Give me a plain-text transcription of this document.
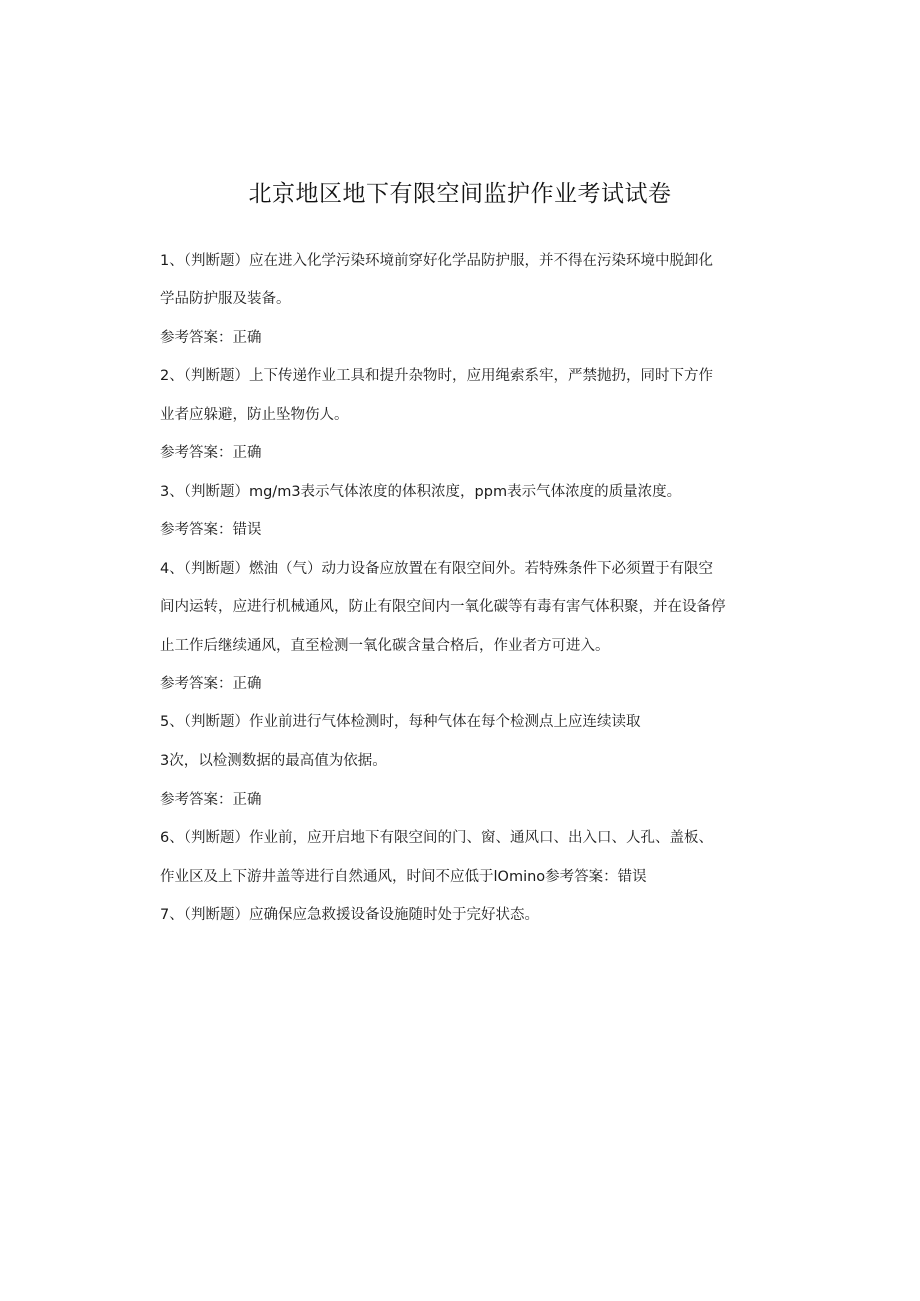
北京地区地下有限空间监护作业考试试卷
1、（判断题）应在进入化学污染环境前穿好化学品防护服，并不得在污染环境中脱卸化
学品防护服及装备。
参考答案：正确
2、（判断题）上下传递作业工具和提升杂物时，应用绳索系牢，严禁抛扔，同时下方作
业者应躲避，防止坠物伤人。
参考答案：正确
3、（判断题）mg∕m3表示气体浓度的体积浓度，ppm表示气体浓度的质量浓度。
参考答案：错误
4、（判断题）燃油（气）动力设备应放置在有限空间外。若特殊条件下必须置于有限空
间内运转，应进行机械通风，防止有限空间内一氧化碳等有毒有害气体积聚，并在设备停
止工作后继续通风，直至检测一氧化碳含量合格后，作业者方可进入。
参考答案：正确
5、（判断题）作业前进行气体检测时，每种气体在每个检测点上应连续读取
3次，以检测数据的最高值为依据。
参考答案：正确
6、（判断题）作业前，应开启地下有限空间的门、窗、通风口、出入口、人孔、盖板、
作业区及上下游井盖等进行自然通风，时间不应低于lOmino参考答案：错误
7、（判断题）应确保应急救援设备设施随时处于完好状态。
